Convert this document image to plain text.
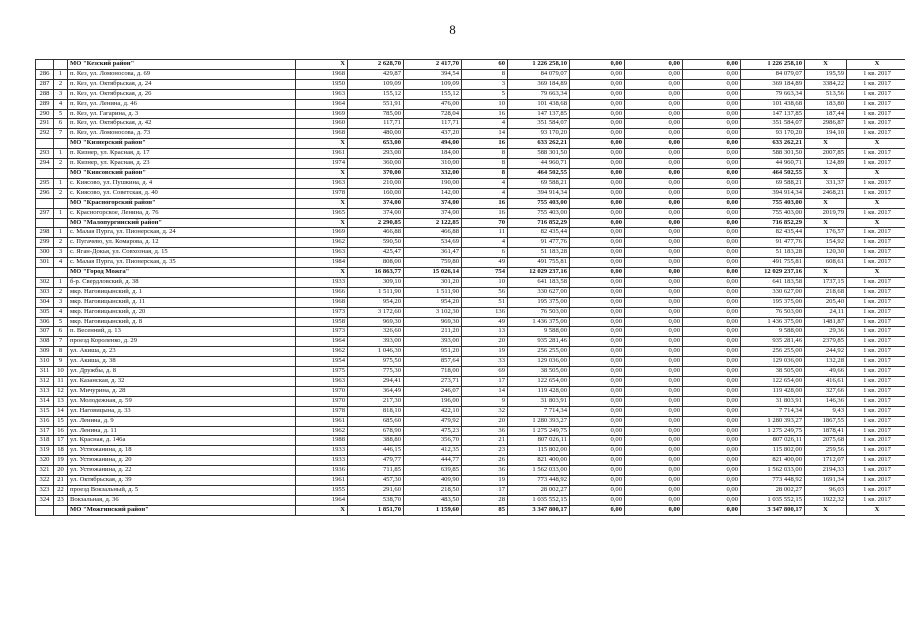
8
		МО "Кезский район"	X	2 628,70	2 417,70	60	1 226 258,10	0,00	0,00	0,00	1 226 258,10	X	X
286	1	п. Кез, ул. Ломоносова, д. 69	1968	429,87	394,54	8	84 079,07	0,00	0,00	0,00	84 079,07	195,59	1 кв. 2017
287	2	п. Кез, ул. Октябрьская, д. 24	1950	109,09	109,09	3	369 184,89	0,00	0,00	0,00	369 184,89	3384,22	1 кв. 2017
288	3	п. Кез, ул. Октябрьская, д. 26	1963	155,12	155,12	5	79 663,34	0,00	0,00	0,00	79 663,34	513,56	1 кв. 2017
289	4	п. Кез, ул. Ленина, д. 46	1964	551,91	476,00	10	101 438,68	0,00	0,00	0,00	101 438,68	183,80	1 кв. 2017
290	5	п. Кез, ул. Гагарина, д. 3	1969	785,00	728,04	16	147 137,85	0,00	0,00	0,00	147 137,85	187,44	1 кв. 2017
291	6	п. Кез, ул. Октябрьская, д. 42	1960	117,71	117,71	4	351 584,07	0,00	0,00	0,00	351 584,07	2986,87	1 кв. 2017
292	7	п. Кез, ул. Ломоносова, д. 73	1968	480,00	437,20	14	93 170,20	0,00	0,00	0,00	93 170,20	194,10	1 кв. 2017
		МО "Кизнерский район"	X	653,00	494,00	16	633 262,21	0,00	0,00	0,00	633 262,21	X	X
293	1	п. Кизнер, ул. Красная, д. 17	1961	293,00	184,00	8	588 301,50	0,00	0,00	0,00	588 301,50	2007,85	1 кв. 2017
294	2	п. Кизнер, ул. Красная, д. 23	1974	360,00	310,00	8	44 960,71	0,00	0,00	0,00	44 960,71	124,89	1 кв. 2017
		МО "Киясовский район"	X	370,00	332,00	8	464 502,55	0,00	0,00	0,00	464 502,55	X	X
295	1	с. Киясово, ул. Пушкина, д. 4	1963	210,00	190,00	4	69 588,21	0,00	0,00	0,00	69 588,21	331,37	1 кв. 2017
296	2	с. Киясово, ул. Советская, д. 40	1978	160,00	142,00	4	394 914,34	0,00	0,00	0,00	394 914,34	2468,21	1 кв. 2017
		МО "Красногорский район"	X	374,00	374,00	16	755 403,00	0,00	0,00	0,00	755 403,00	X	X
297	1	с. Красногорское, Ленина, д. 76	1965	374,00	374,00	16	755 403,00	0,00	0,00	0,00	755 403,00	2019,79	1 кв. 2017
		МО "Малопургинский район"	X	2 290,85	2 122,85	70	716 852,29	0,00	0,00	0,00	716 852,29	X	X
298	1	с. Малая Пурга, ул. Пионерская, д. 24	1969	466,88	466,88	11	82 435,44	0,00	0,00	0,00	82 435,44	176,57	1 кв. 2017
299	2	с. Пугачево, ул. Комарова, д. 12	1962	590,50	534,69	4	91 477,76	0,00	0,00	0,00	91 477,76	154,92	1 кв. 2017
300	3	с. Яган-Докья, ул. Совхозная, д. 15	1963	425,47	361,47	6	51 183,28	0,00	0,00	0,00	51 183,28	120,30	1 кв. 2017
301	4	с. Малая Пурга, ул. Пионерская, д. 35	1984	808,00	759,80	49	491 755,81	0,00	0,00	0,00	491 755,81	608,61	1 кв. 2017
		МО "Город Можга"	X	16 863,77	15 026,14	754	12 029 237,16	0,00	0,00	0,00	12 029 237,16	X	X
302	1	б-р. Свердловский, д. 38	1933	309,10	301,20	10	641 183,58	0,00	0,00	0,00	641 183,58	1737,15	1 кв. 2017
303	2	мкр. Наговицынский, д. 1	1966	1 511,90	1 511,90	56	330 627,00	0,00	0,00	0,00	330 627,00	218,68	1 кв. 2017
304	3	мкр. Наговицынский, д. 11	1968	954,20	954,20	51	195 375,00	0,00	0,00	0,00	195 375,00	205,40	1 кв. 2017
305	4	мкр. Наговицынский, д. 20	1973	3 172,60	3 102,30	136	76 503,00	0,00	0,00	0,00	76 503,00	24,11	1 кв. 2017
306	5	мкр. Наговицынский, д. 8	1958	969,30	969,30	49	1 436 375,00	0,00	0,00	0,00	1 436 375,00	1481,87	1 кв. 2017
307	6	п. Весенний, д. 13	1973	326,60	211,20	13	9 588,00	0,00	0,00	0,00	9 588,00	29,36	1 кв. 2017
308	7	проезд Короленко, д. 29	1964	393,00	393,00	20	935 281,46	0,00	0,00	0,00	935 281,46	2379,85	1 кв. 2017
309	8	ул. Акиша, д. 23	1962	1 046,30	951,20	19	256 255,00	0,00	0,00	0,00	256 255,00	244,92	1 кв. 2017
310	9	ул. Акиша, д. 38	1954	975,50	857,64	33	129 036,00	0,00	0,00	0,00	129 036,00	132,28	1 кв. 2017
311	10	ул. Дружбы, д. 8	1975	775,30	718,00	69	38 505,00	0,00	0,00	0,00	38 505,00	49,66	1 кв. 2017
312	11	ул. Казанская, д. 32	1963	294,41	273,71	17	122 654,00	0,00	0,00	0,00	122 654,00	416,61	1 кв. 2017
313	12	ул. Мичурина, д. 28	1970	364,49	246,07	14	119 428,00	0,00	0,00	0,00	119 428,00	327,66	1 кв. 2017
314	13	ул. Молодежная, д. 59	1970	217,30	196,00	9	31 803,91	0,00	0,00	0,00	31 803,91	146,36	1 кв. 2017
315	14	ул. Наговицына, д. 33	1978	818,10	422,10	32	7 714,34	0,00	0,00	0,00	7 714,34	9,43	1 кв. 2017
316	15	ул. Ленина, д. 9	1961	685,60	479,92	20	1 280 393,27	0,00	0,00	0,00	1 280 393,27	1867,55	1 кв. 2017
317	16	ул. Ленина, д. 11	1962	678,90	475,23	36	1 275 249,75	0,00	0,00	0,00	1 275 249,75	1878,41	1 кв. 2017
318	17	ул. Красная, д. 146а	1988	388,80	356,70	21	807 026,11	0,00	0,00	0,00	807 026,11	2075,68	1 кв. 2017
319	18	ул. Устюжанина, д. 18	1933	446,15	412,35	23	115 802,00	0,00	0,00	0,00	115 802,00	259,56	1 кв. 2017
320	19	ул. Устюжанина, д. 20	1933	479,77	444,77	26	821 400,00	0,00	0,00	0,00	821 400,00	1712,07	1 кв. 2017
321	20	ул. Устюжанина, д. 22	1936	711,85	639,85	36	1 562 033,00	0,00	0,00	0,00	1 562 033,00	2194,33	1 кв. 2017
322	21	ул. Октябрьская, д. 39	1961	457,30	409,90	19	773 448,92	0,00	0,00	0,00	773 448,92	1691,34	1 кв. 2017
323	22	проезд Вокзальный, д. 5	1955	291,60	218,50	17	28 002,27	0,00	0,00	0,00	28 002,27	96,03	1 кв. 2017
324	23	Вокзальная, д. 36	1964	538,70	483,50	28	1 035 552,15	0,00	0,00	0,00	1 035 552,15	1922,32	1 кв. 2017
		МО "Можгинский район"	X	1 851,70	1 159,60	85	3 347 800,17	0,00	0,00	0,00	3 347 800,17	X	X
